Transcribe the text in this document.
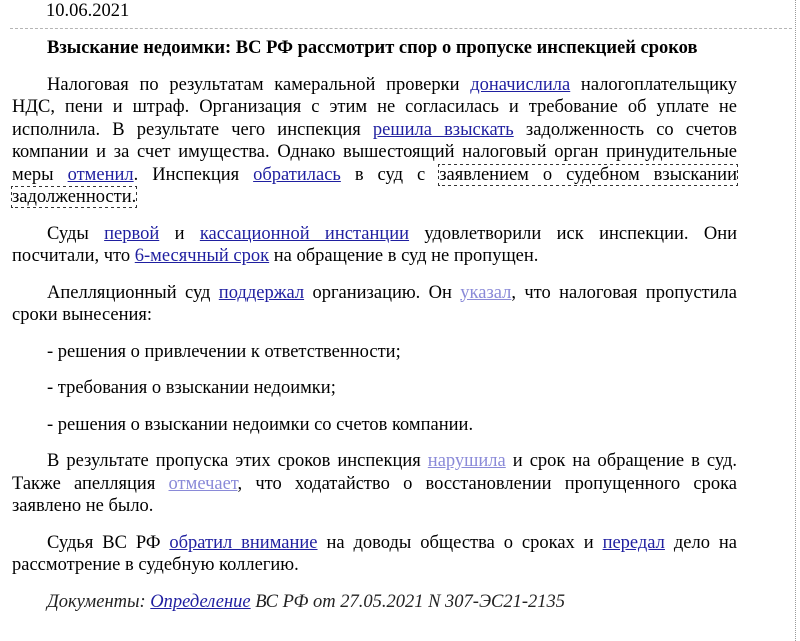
10.06.2021

Взыскание недоимки: ВС РФ рассмотрит спор о пропуске инспекцией сроков

Налоговая по результатам камеральной проверки доначислила налогоплательщику НДС, пени и штраф. Организация с этим не согласилась и требование об уплате не исполнила. В результате чего инспекция решила взыскать задолженность со счетов компании и за счет имущества. Однако вышестоящий налоговый орган принудительные меры отменил. Инспекция обратилась в суд с заявлением о судебном взыскании задолженности.

Суды первой и кассационной инстанции удовлетворили иск инспекции. Они посчитали, что 6-месячный срок на обращение в суд не пропущен.

Апелляционный суд поддержал организацию. Он указал, что налоговая пропустила сроки вынесения:

- решения о привлечении к ответственности;

- требования о взыскании недоимки;

- решения о взыскании недоимки со счетов компании.

В результате пропуска этих сроков инспекция нарушила и срок на обращение в суд. Также апелляция отмечает, что ходатайство о восстановлении пропущенного срока заявлено не было.

Судья ВС РФ обратил внимание на доводы общества о сроках и передал дело на рассмотрение в судебную коллегию.

Документы: Определение ВС РФ от 27.05.2021 N 307-ЭС21-2135
